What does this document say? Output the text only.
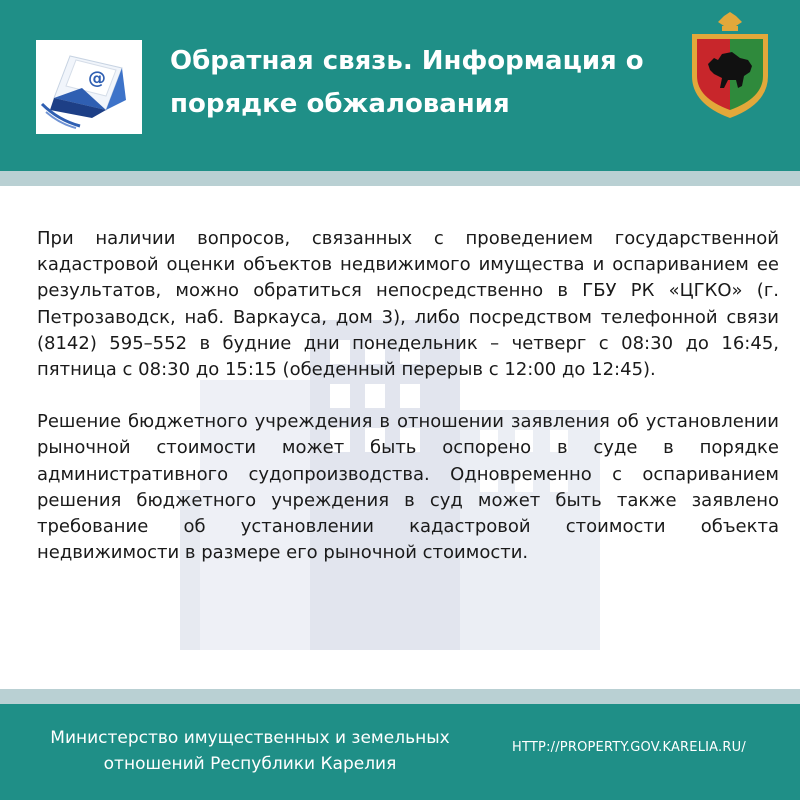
@
Обратная связь. Информация о порядке обжалования

При наличии вопросов, связанных с проведением государственной кадастровой оценки объектов недвижимого имущества и оспариванием ее результатов, можно обратиться непосредственно в ГБУ РК «ЦГКО» (г. Петрозаводск, наб. Варкауса, дом 3), либо посредством телефонной связи (8142) 595–552 в будние дни понедельник – четверг с 08:30 до 16:45, пятница с 08:30 до 15:15 (обеденный перерыв с 12:00 до 12:45).

Решение бюджетного учреждения в отношении заявления об установлении рыночной стоимости может быть оспорено в суде в порядке административного судопроизводства. Одновременно с оспариванием решения бюджетного учреждения в суд может быть также заявлено требование об установлении кадастровой стоимости объекта недвижимости в размере его рыночной стоимости.

Министерство имущественных и земельных отношений Республики Карелия

HTTP://PROPERTY.GOV.KARELIA.RU/
